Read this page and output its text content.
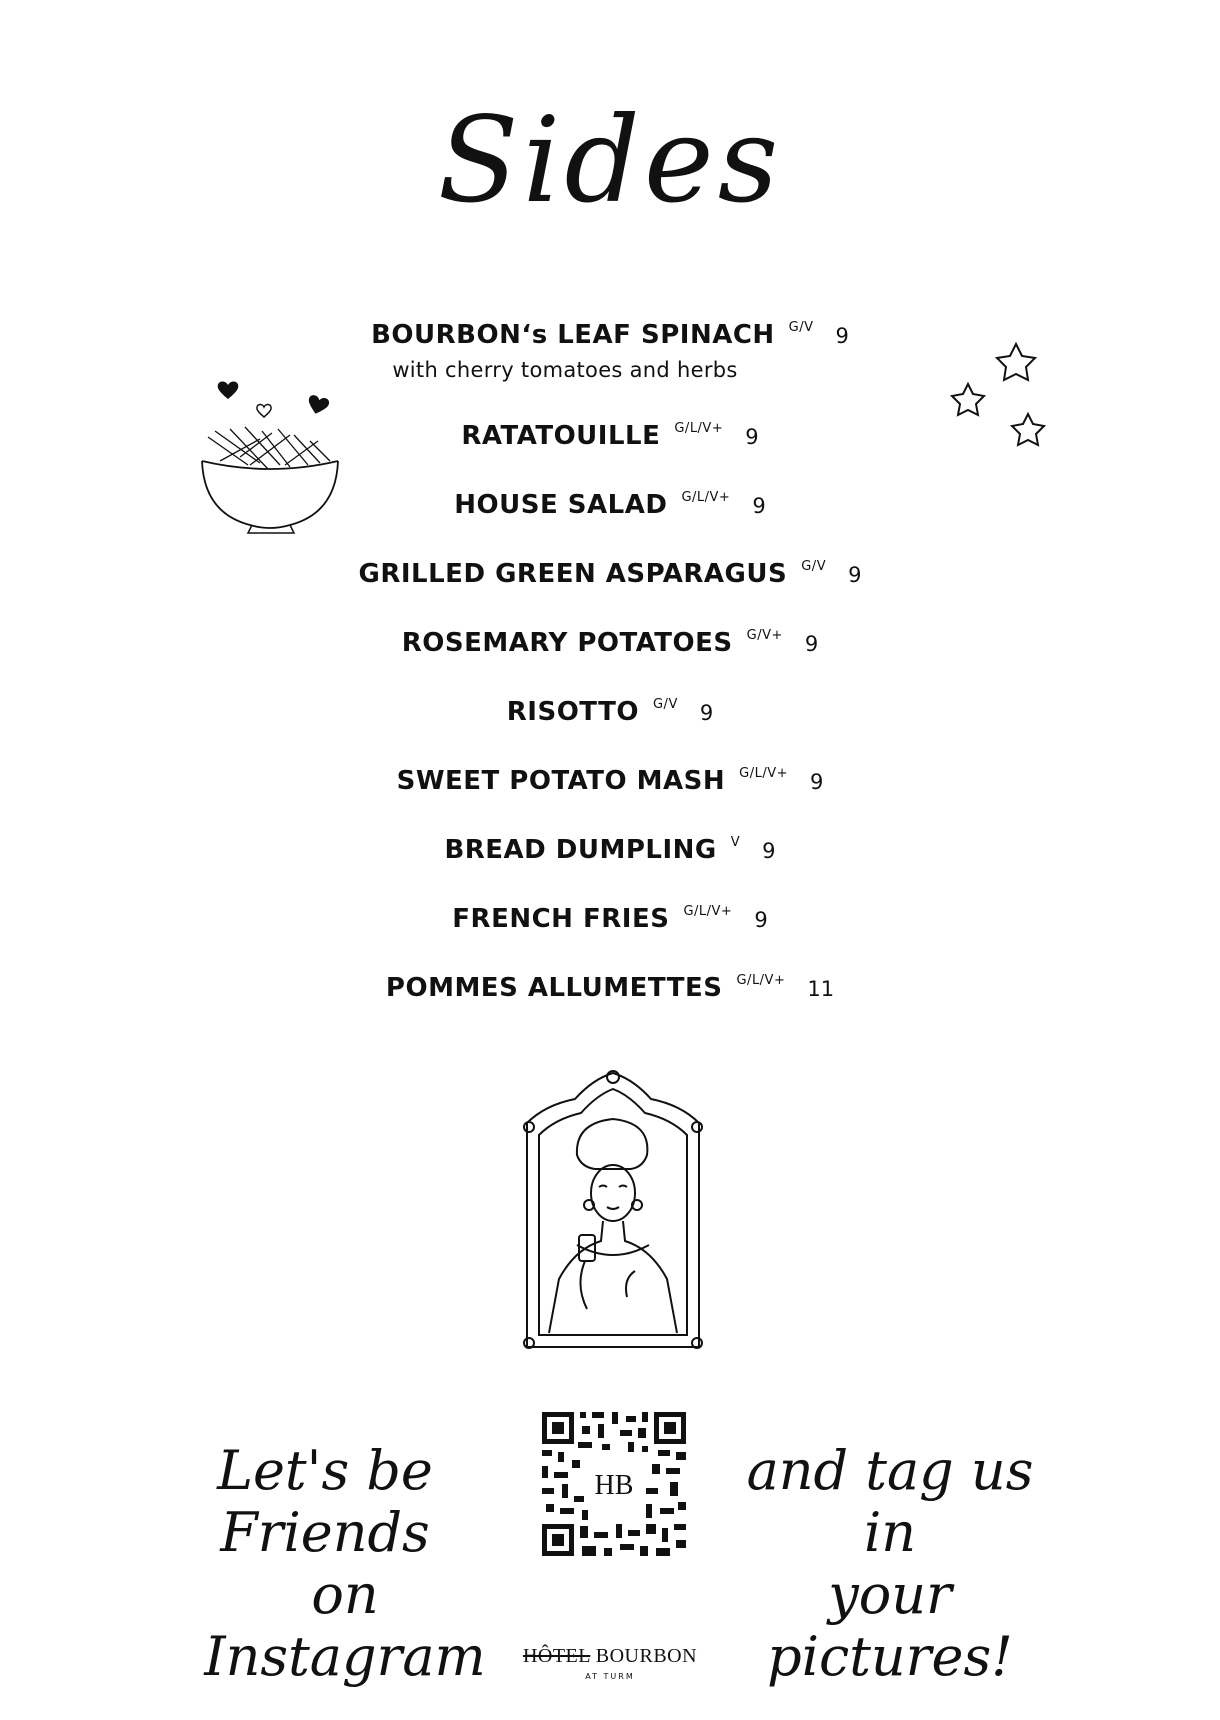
Sides
BOURBON‘s LEAF SPINACH $^{G/V}$ 9
with cherry tomatoes and herbs
RATATOUILLE $^{G/L/V+}$ 9
HOUSE SALAD $^{G/L/V+}$ 9
GRILLED GREEN ASPARAGUS $^{G/V}$ 9
ROSEMARY POTATOES $^{G/V+}$ 9
RISOTTO $^{G/V}$ 9
SWEET POTATO MASH $^{G/L/V+}$ 9
BREAD DUMPLING $^V$ 9
FRENCH FRIES $^{G/L/V+}$ 9
POMMES ALLUMETTES $^{G/L/V+}$ 11
Let's be Friends
on Instagram
HB	and tag us in
your pictures!
HÔTEL BOURBON
AT TURM
